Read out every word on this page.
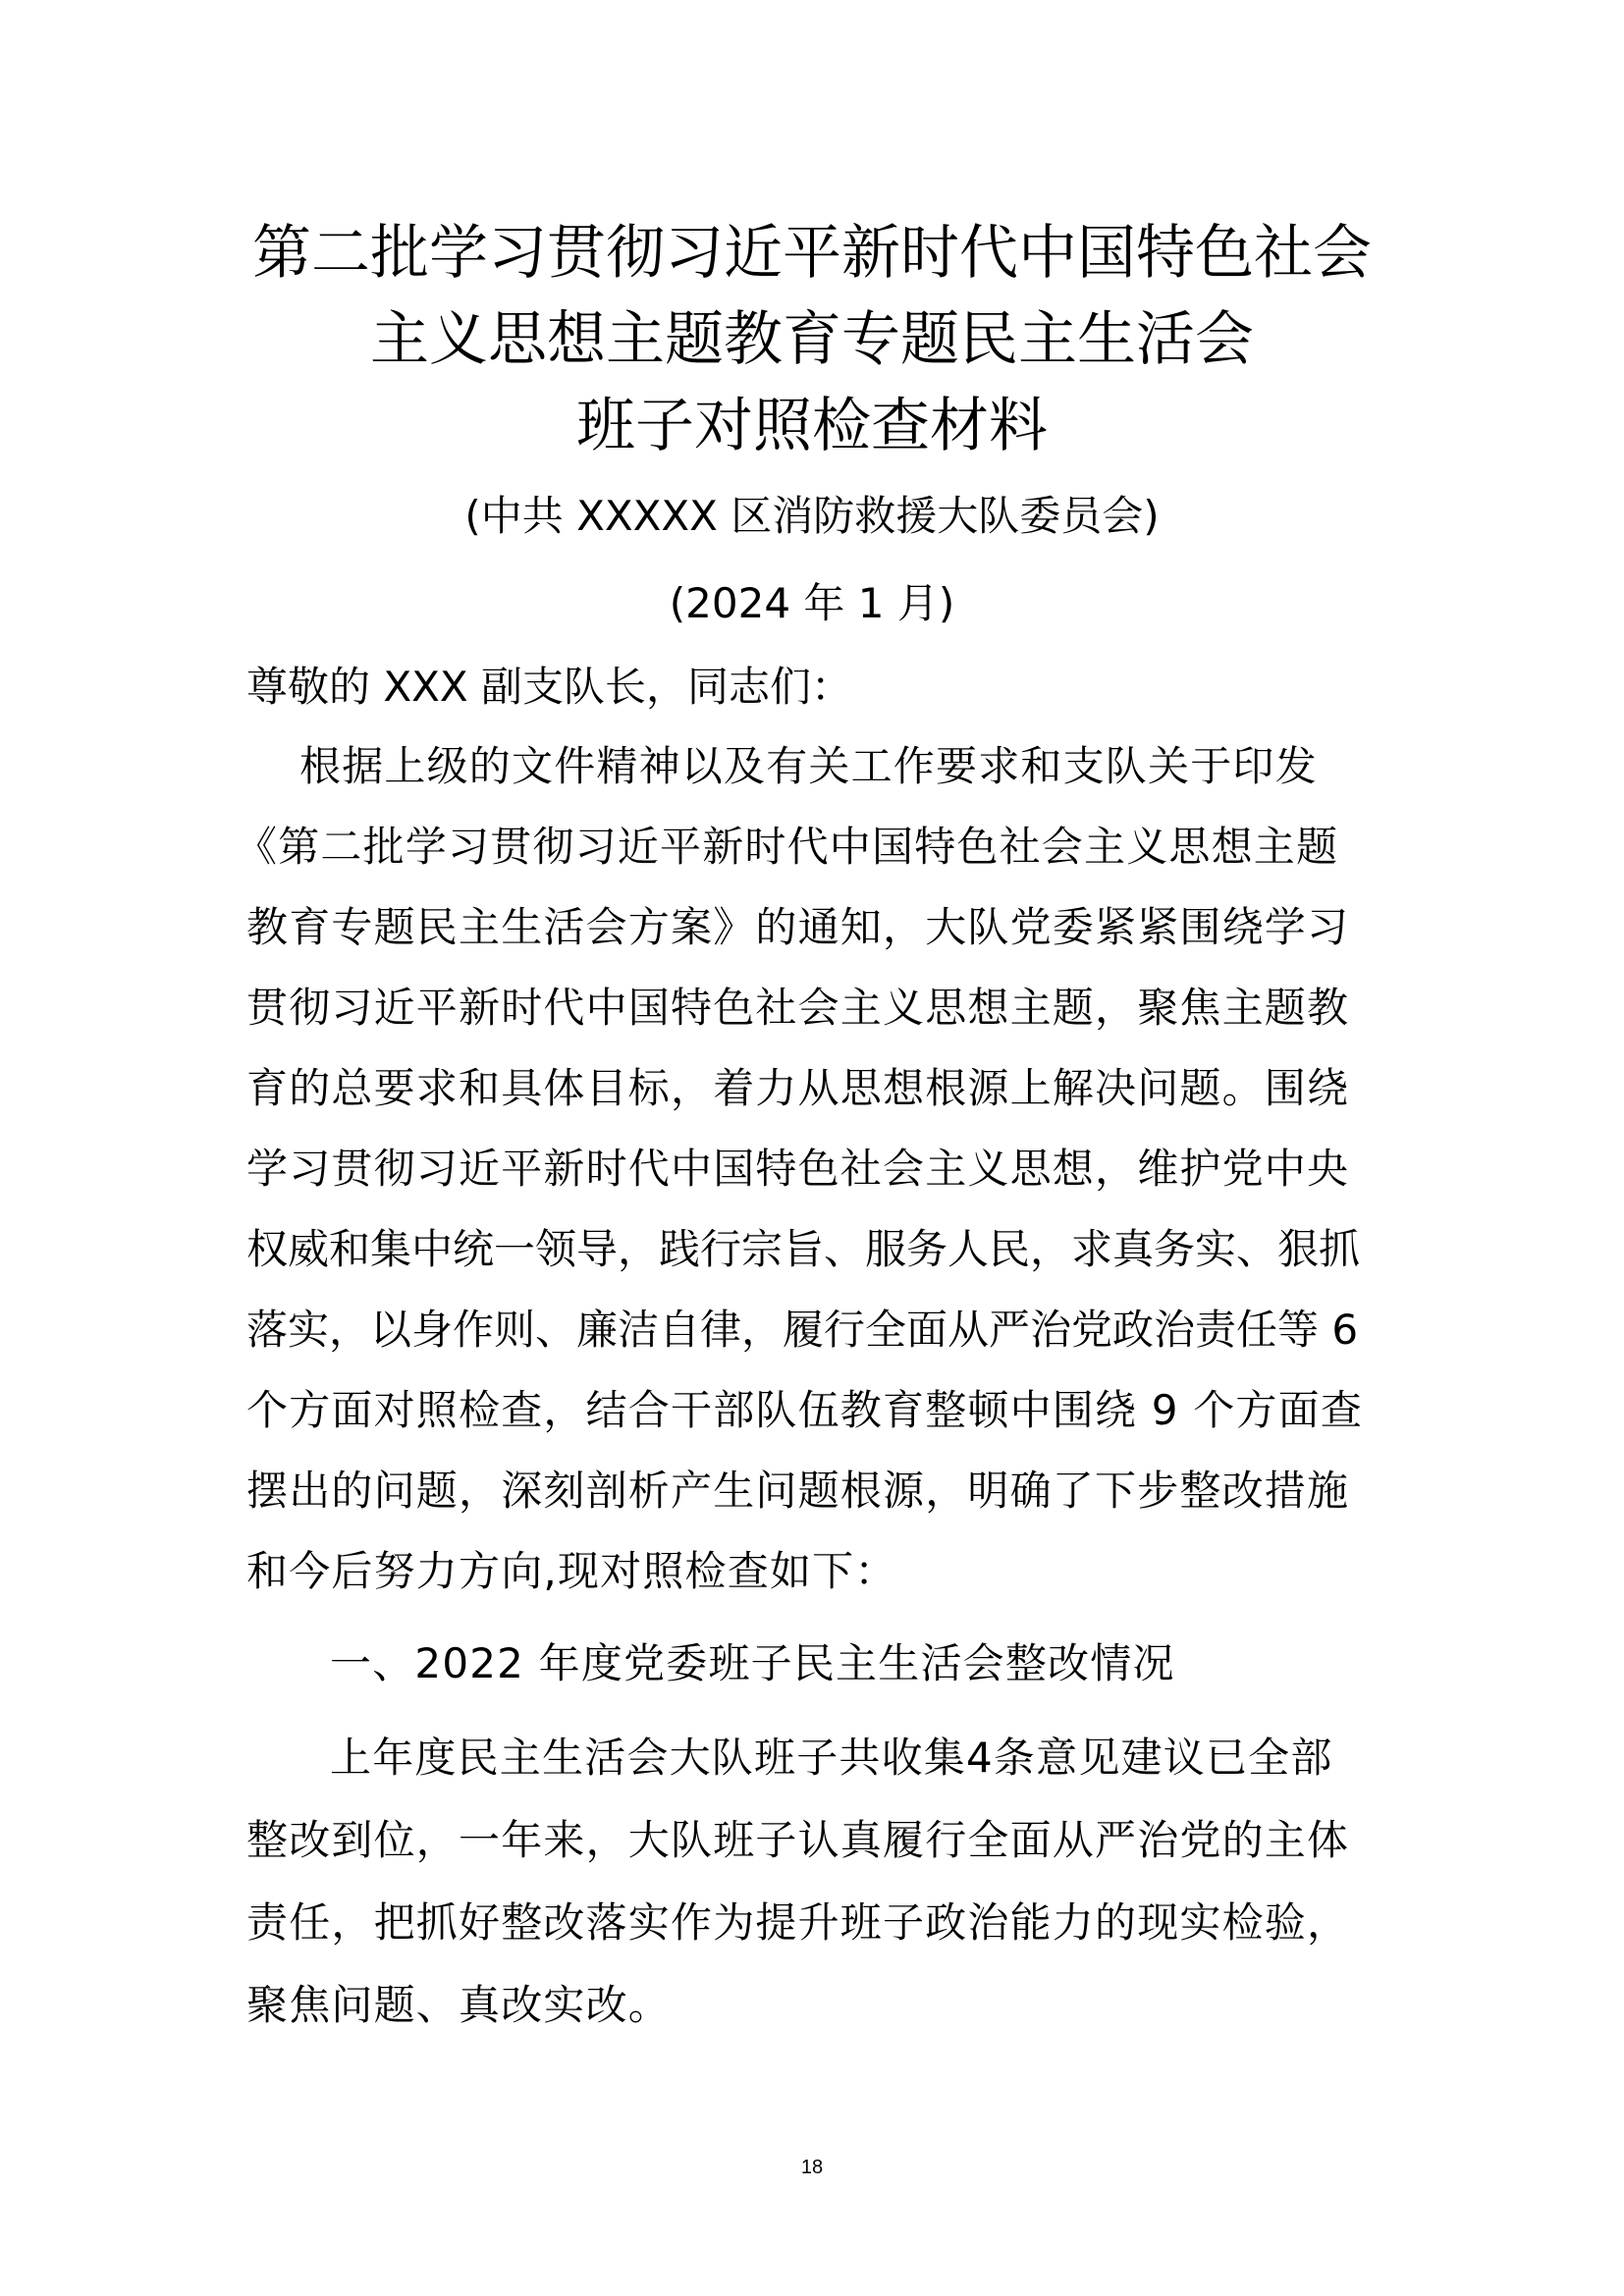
第二批学习贯彻习近平新时代中国特色社会
主义思想主题教育专题民主生活会
班子对照检查材料
(中共 XXXXX 区消防救援大队委员会)
(2024 年 1 月)
尊敬的 XXX 副支队长，同志们：
根据上级的文件精神以及有关工作要求和支队关于印发
《第二批学习贯彻习近平新时代中国特色社会主义思想主题
教育专题民主生活会方案》的通知，大队党委紧紧围绕学习
贯彻习近平新时代中国特色社会主义思想主题，聚焦主题教
育的总要求和具体目标，着力从思想根源上解决问题。围绕
学习贯彻习近平新时代中国特色社会主义思想，维护党中央
权威和集中统一领导，践行宗旨、服务人民，求真务实、狠抓
落实，以身作则、廉洁自律，履行全面从严治党政治责任等 6
个方面对照检查，结合干部队伍教育整顿中围绕 9 个方面查
摆出的问题，深刻剖析产生问题根源，明确了下步整改措施
和今后努力方向,现对照检查如下：
一、2022 年度党委班子民主生活会整改情况
上年度民主生活会大队班子共收集4条意见建议已全部
整改到位，一年来，大队班子认真履行全面从严治党的主体
责任，把抓好整改落实作为提升班子政治能力的现实检验，
聚焦问题、真改实改。
18
